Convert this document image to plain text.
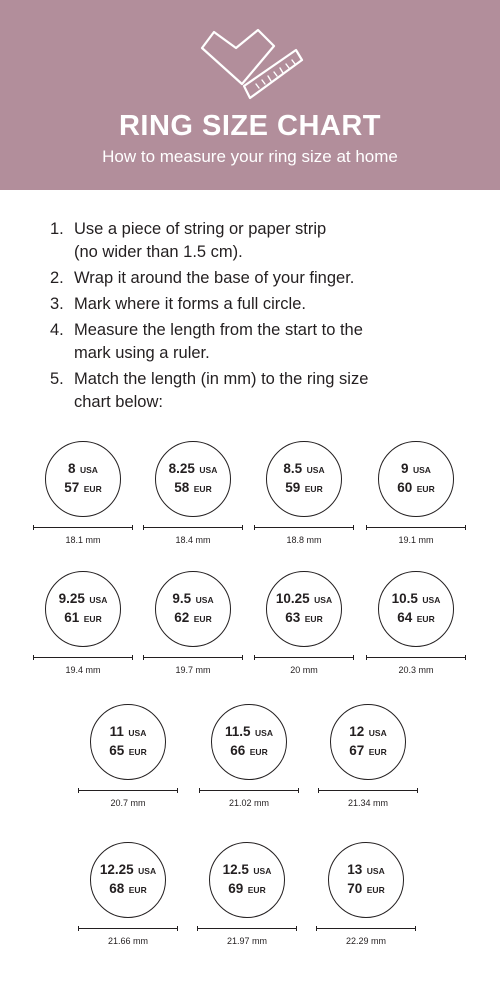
RING SIZE CHART
How to measure your ring size at home
1. Use a piece of string or paper strip
(no wider than 1.5 cm).
2. Wrap it around the base of your finger.
3. Mark where it forms a full circle.
4. Measure the length from the start to the
mark using a ruler.
5. Match the length (in mm) to the ring size
chart below:
8 USA
57 EUR
18.1 mm
8.25 USA
58 EUR
18.4 mm
8.5 USA
59 EUR
18.8 mm
9 USA
60 EUR
19.1 mm
9.25 USA
61 EUR
19.4 mm
9.5 USA
62 EUR
19.7 mm
10.25 USA
63 EUR
20 mm
10.5 USA
64 EUR
20.3 mm
11 USA
65 EUR
20.7 mm
11.5 USA
66 EUR
21.02 mm
12 USA
67 EUR
21.34 mm
12.25 USA
68 EUR
21.66 mm
12.5 USA
69 EUR
21.97 mm
13 USA
70 EUR
22.29 mm
